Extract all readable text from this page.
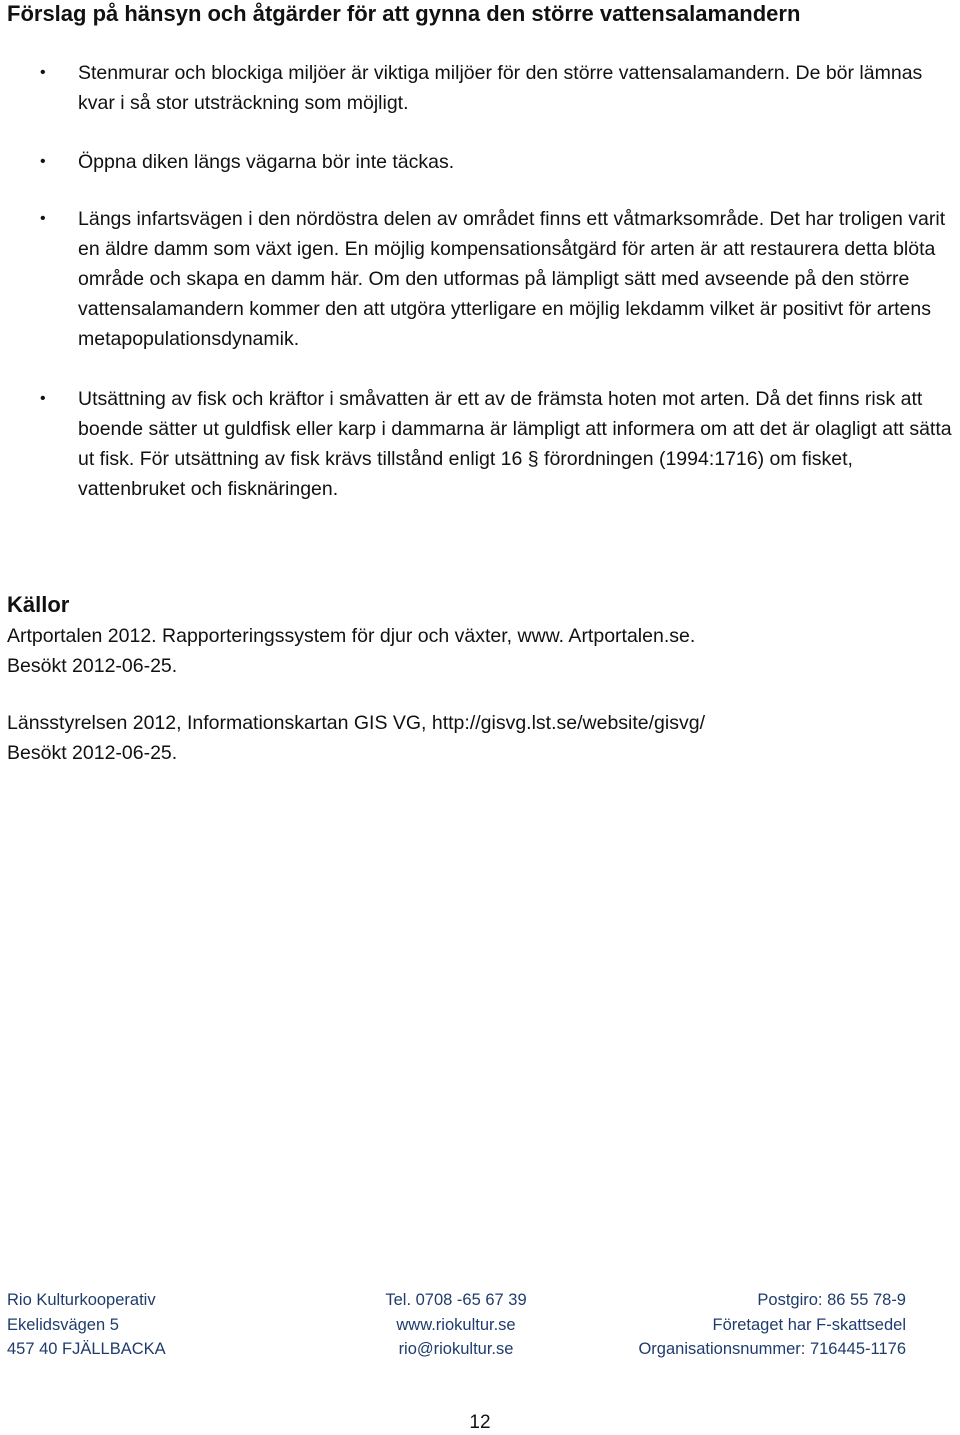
Förslag på hänsyn och åtgärder för att gynna den större vattensalamandern
• Stenmurar och blockiga miljöer är viktiga miljöer för den större vattensalamandern. De bör lämnas kvar i så stor utsträckning som möjligt.
• Öppna diken längs vägarna bör inte täckas.
• Längs infartsvägen i den nördöstra delen av området finns ett våtmarksområde. Det har troligen varit en äldre damm som växt igen. En möjlig kompensationsåtgärd för arten är att restaurera detta blöta område och skapa en damm här. Om den utformas på lämpligt sätt med avseende på den större vattensalamandern kommer den att utgöra ytterligare en möjlig lekdamm vilket är positivt för artens metapopulationsdynamik.
• Utsättning av fisk och kräftor i småvatten är ett av de främsta hoten mot arten. Då det finns risk att boende sätter ut guldfisk eller karp i dammarna är lämpligt att informera om att det är olagligt att sätta ut fisk. För utsättning av fisk krävs tillstånd enligt 16 § förordningen (1994:1716) om fisket, vattenbruket och fisknäringen.
Källor
Artportalen 2012. Rapporteringssystem för djur och växter, www. Artportalen.se.
Besökt 2012-06-25.
Länsstyrelsen 2012, Informationskartan GIS VG, http://gisvg.lst.se/website/gisvg/
Besökt 2012-06-25.
Rio Kulturkooperativ
Ekelidsvägen 5
457 40 FJÄLLBACKA
Tel. 0708 -65 67 39
www.riokultur.se
rio@riokultur.se
Postgiro: 86 55 78-9
Företaget har F-skattsedel
Organisationsnummer: 716445-1176
12
